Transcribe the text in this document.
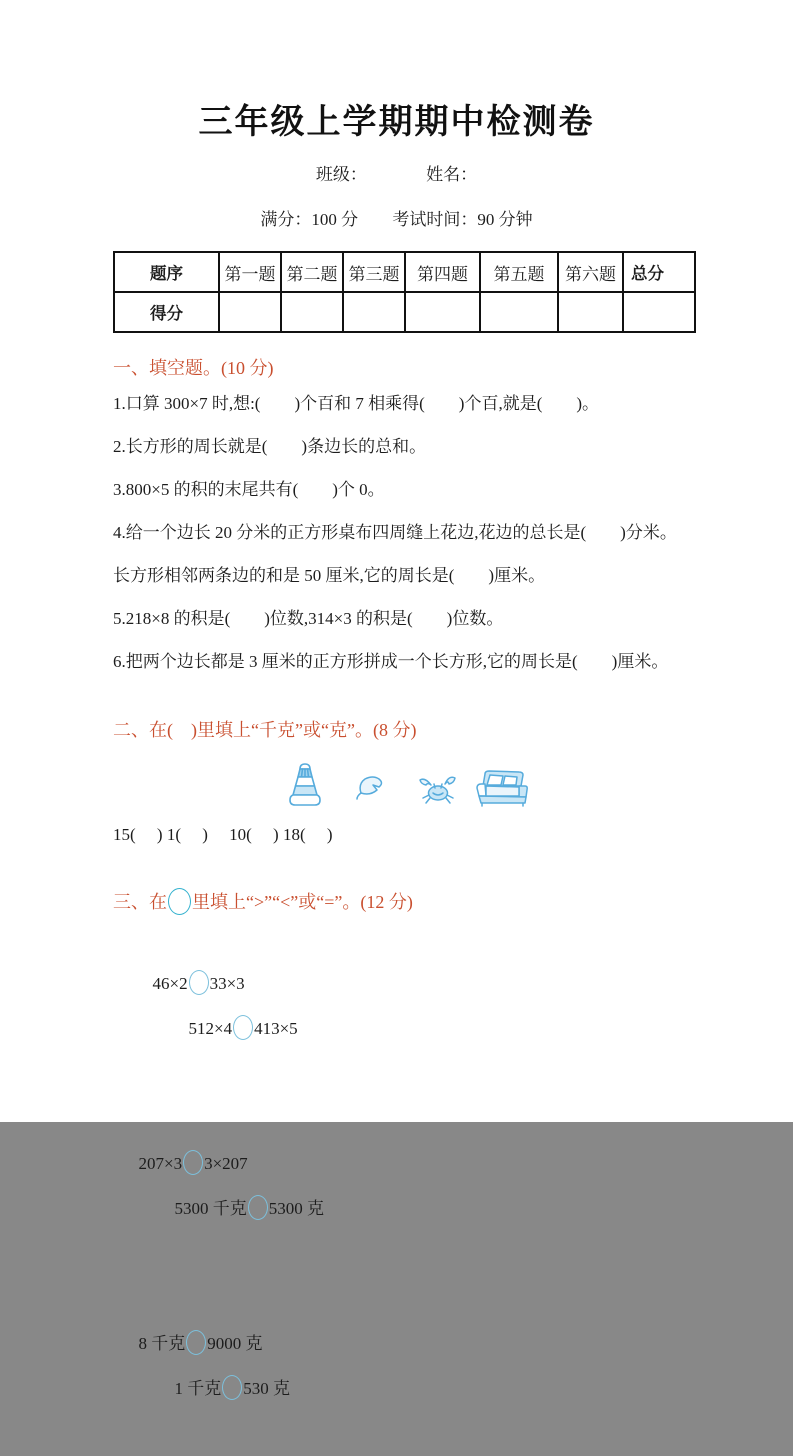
三年级上学期期中检测卷
班级：	姓名：
满分：100 分 考试时间：90 分钟
题序	第一题	第二题	第三题	第四题	第五题	第六题	总分
得分							

一、填空题。(10 分)

1.口算 300×7 时,想:(　　)个百和 7 相乘得(　　)个百,就是(　　)。

2.长方形的周长就是(　　)条边长的总和。

3.800×5 的积的末尾共有(　　)个 0。

4.给一个边长 20 分米的正方形桌布四周缝上花边,花边的总长是(　　)分米。长方形相邻两条边的和是 50 厘米,它的周长是(　　)厘米。

5.218×8 的积是(　　)位数,314×3 的积是(　　)位数。

6.把两个边长都是 3 厘米的正方形拼成一个长方形,它的周长是(　　)厘米。

二、在(　)里填上“千克”或“克”。(8 分)

15(　 ) 1(　 )　 10(　 ) 18(　 )

三、在 里填上“>”“<”或“=”。(12 分)

46×2 33×3
512×4 413×5

207×3 3×207
5300 千克 5300 克

8 千克 9000 克
1 千克 530 克
